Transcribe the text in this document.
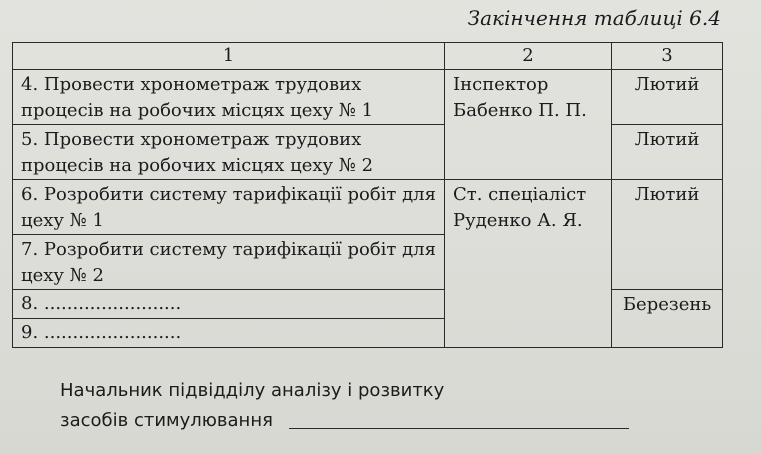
Закінчення таблиці 6.4
1	2	3
4. Провести хронометраж трудових процесів на робочих місцях цеху № 1	Інспектор Бабенко П. П.	Лютий
5. Провести хронометраж трудових процесів на робочих місцях цеху № 2		Лютий
6. Розробити систему тарифікації робіт для цеху № 1	Ст. спеціаліст Руденко А. Я.	Лютий
7. Розробити систему тарифікації робіт для цеху № 2		
8. ........................		Березень
9. ........................		
Начальник підвідділу аналізу і розвитку
засобів стимулювання
